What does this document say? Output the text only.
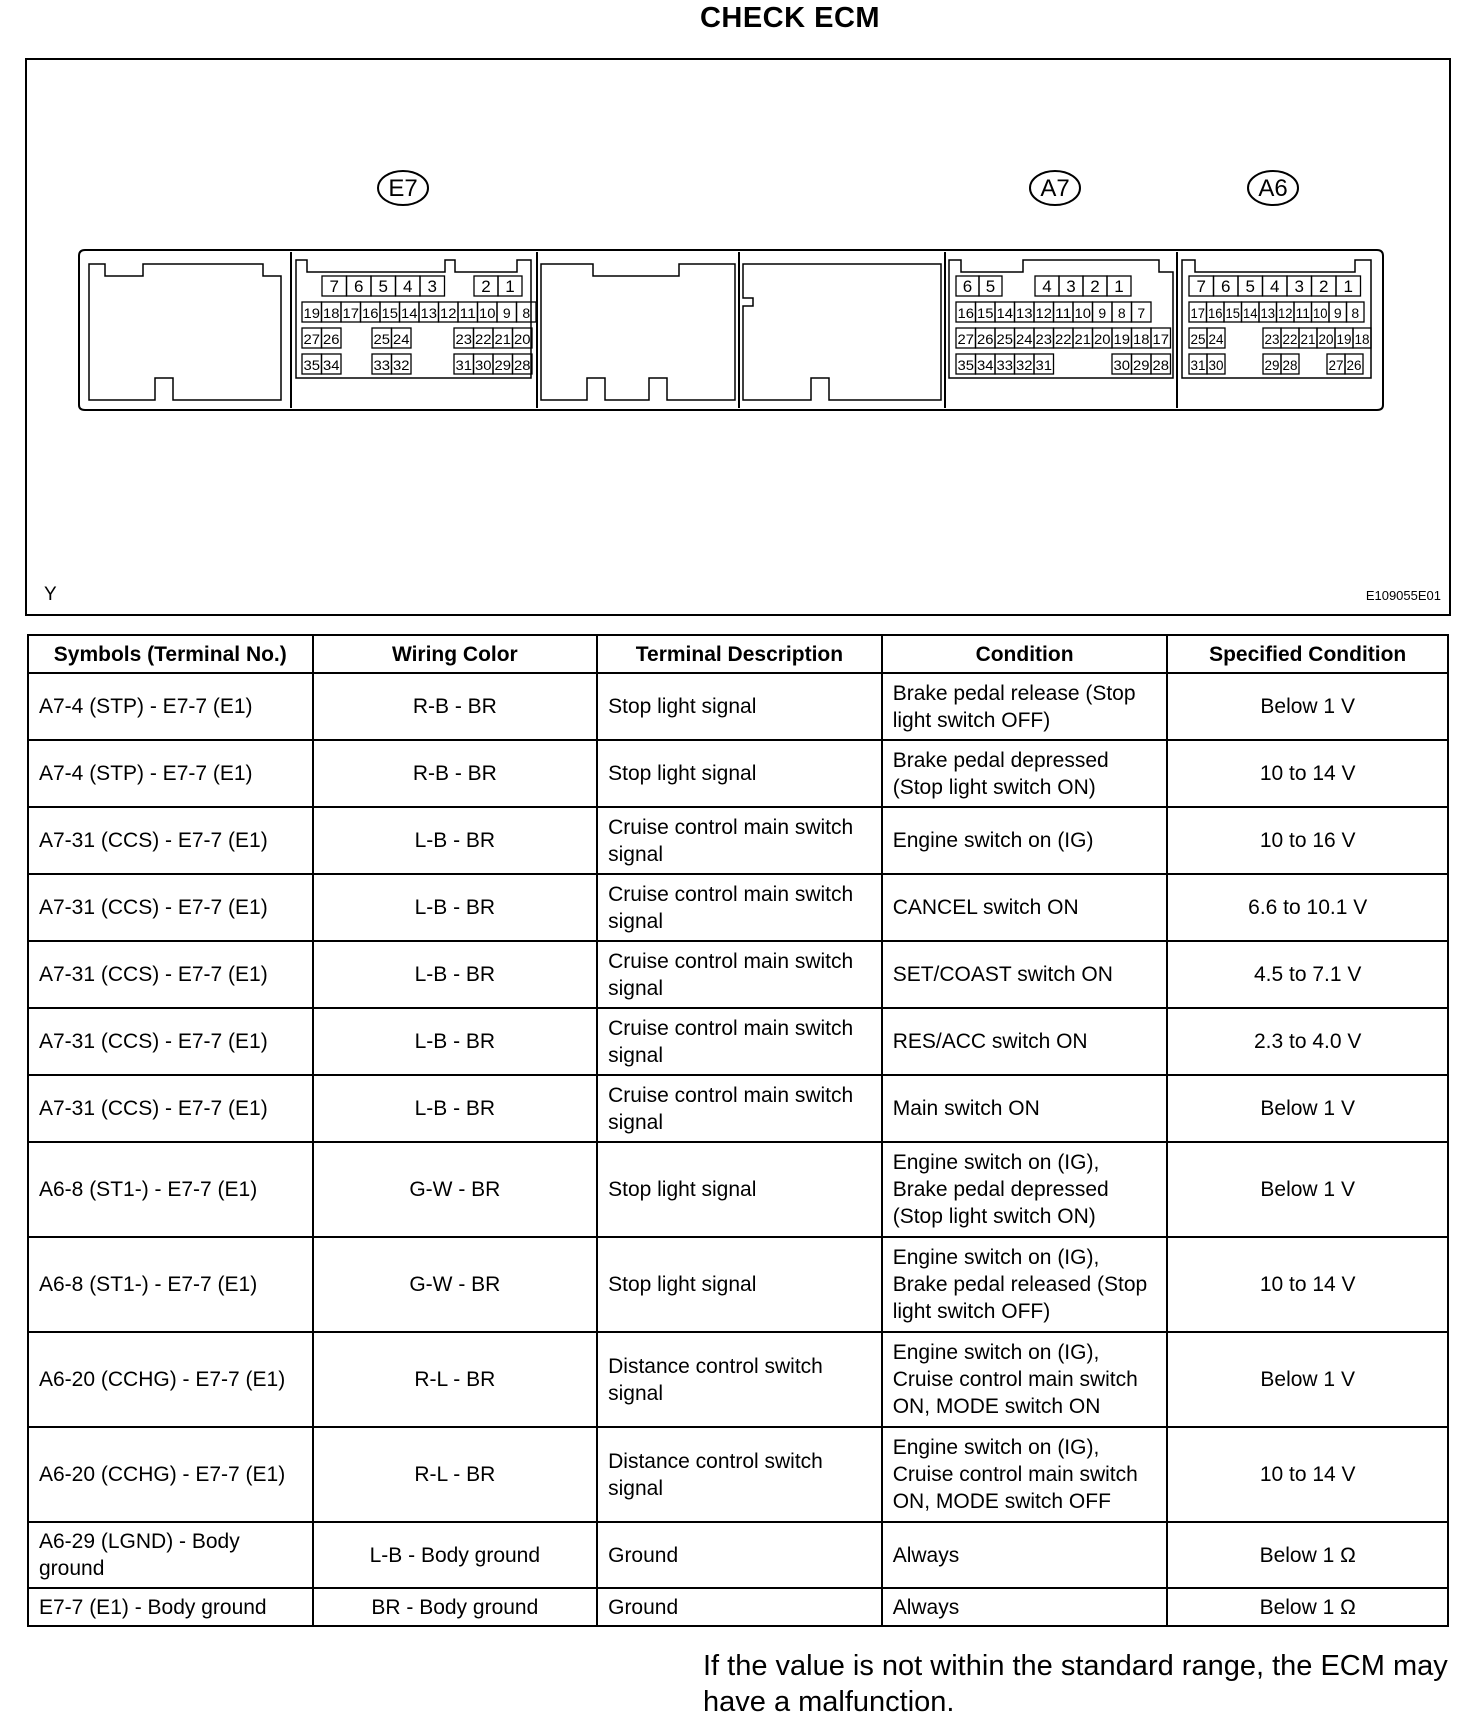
CHECK ECM
E7	A7	A6
7 6 5 4 3	2 1
19 18 17 16 15 14 13 12 11 10 9 8
27 26 25 24	23 22 21 20
35 34 33 32	31 30 29 28
6 5	4 3 2 1
16 15 14 13 12 11 10 9 8 7
27 26 25 24 23 22 21 20 19 18 17
35 34 33 32 31	30 29 28
7 6 5 4 3 2 1
17 16 15 14 13 12 11 10 9 8
25 24	23 22 21 20 19 18
31 30	29 28 27 26
Y	E109055E01
Symbols (Terminal No.)	Wiring Color	Terminal Description	Condition	Specified Condition
A7-4 (STP) - E7-7 (E1)	R-B - BR	Stop light signal	Brake pedal release (Stop light switch OFF)	Below 1 V
A7-4 (STP) - E7-7 (E1)	R-B - BR	Stop light signal	Brake pedal depressed (Stop light switch ON)	10 to 14 V
A7-31 (CCS) - E7-7 (E1)	L-B - BR	Cruise control main switch signal	Engine switch on (IG)	10 to 16 V
A7-31 (CCS) - E7-7 (E1)	L-B - BR	Cruise control main switch signal	CANCEL switch ON	6.6 to 10.1 V
A7-31 (CCS) - E7-7 (E1)	L-B - BR	Cruise control main switch signal	SET/COAST switch ON	4.5 to 7.1 V
A7-31 (CCS) - E7-7 (E1)	L-B - BR	Cruise control main switch signal	RES/ACC switch ON	2.3 to 4.0 V
A7-31 (CCS) - E7-7 (E1)	L-B - BR	Cruise control main switch signal	Main switch ON	Below 1 V
A6-8 (ST1-) - E7-7 (E1)	G-W - BR	Stop light signal	Engine switch on (IG), Brake pedal depressed (Stop light switch ON)	Below 1 V
A6-8 (ST1-) - E7-7 (E1)	G-W - BR	Stop light signal	Engine switch on (IG), Brake pedal released (Stop light switch OFF)	10 to 14 V
A6-20 (CCHG) - E7-7 (E1)	R-L - BR	Distance control switch signal	Engine switch on (IG), Cruise control main switch ON, MODE switch ON	Below 1 V
A6-20 (CCHG) - E7-7 (E1)	R-L - BR	Distance control switch signal	Engine switch on (IG), Cruise control main switch ON, MODE switch OFF	10 to 14 V
A6-29 (LGND) - Body ground	L-B - Body ground	Ground	Always	Below 1 Ω
E7-7 (E1) - Body ground	BR - Body ground	Ground	Always	Below 1 Ω
If the value is not within the standard range, the ECM may have a malfunction.
